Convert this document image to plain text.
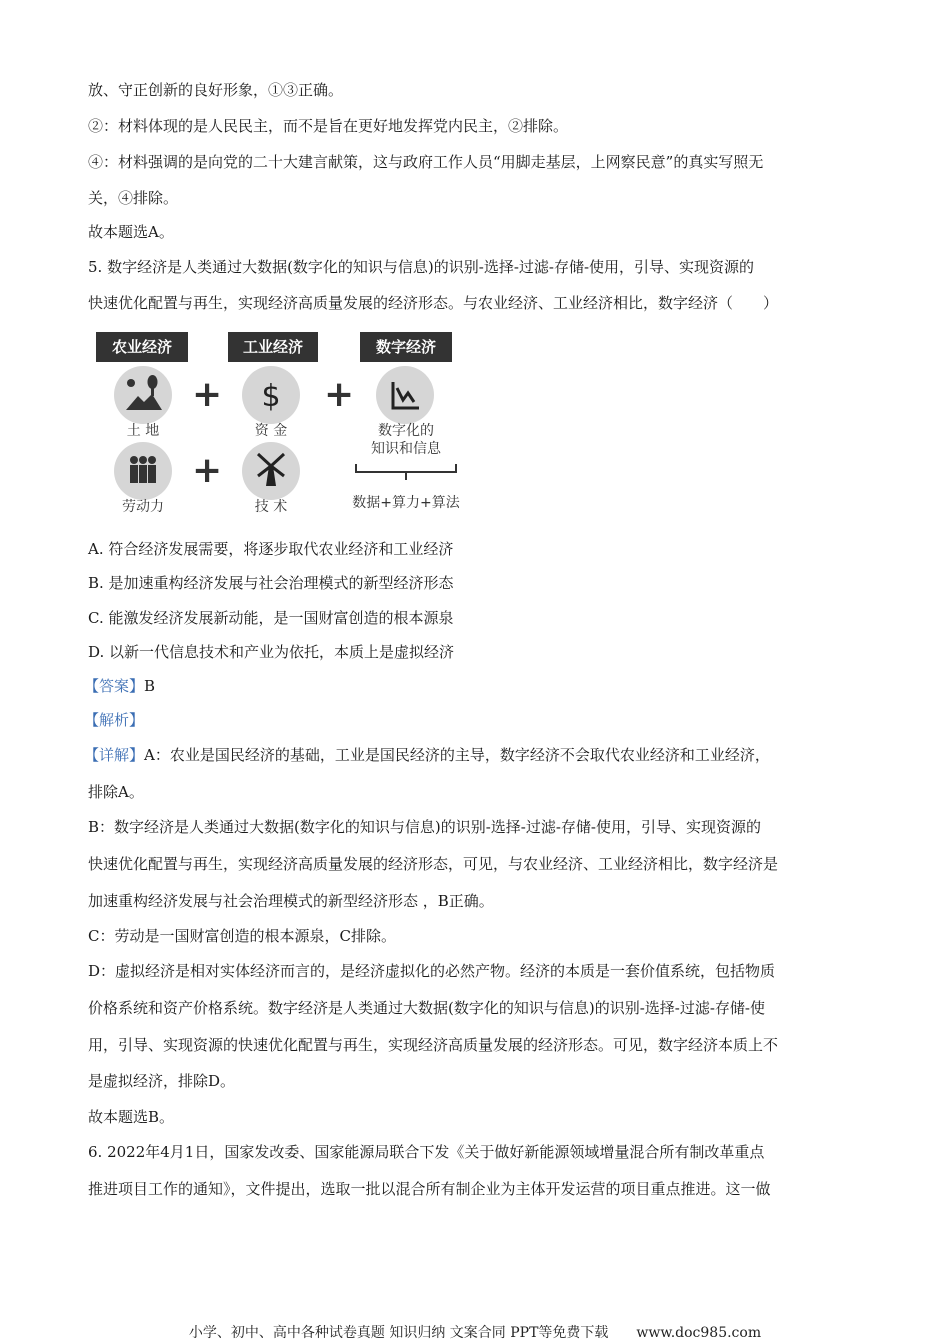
放、守正创新的良好形象，①③正确。
②：材料体现的是人民民主，而不是旨在更好地发挥党内民主，②排除。
④：材料强调的是向党的二十大建言献策，这与政府工作人员“用脚走基层，上网察民意”的真实写照无
关，④排除。
故本题选A。
5. 数字经济是人类通过大数据(数字化的知识与信息)的识别-选择-过滤-存储-使用，引导、实现资源的
快速优化配置与再生，实现经济高质量发展的经济形态。与农业经济、工业经济相比，数字经济（　　）
农业经济	工业经济	数字经济
+ $ +
土 地	资 金	数字化的
知识和信息
+
劳动力	技 术	数据+算力+算法
A. 符合经济发展需要，将逐步取代农业经济和工业经济
B. 是加速重构经济发展与社会治理模式的新型经济形态
C. 能激发经济发展新动能，是一国财富创造的根本源泉
D. 以新一代信息技术和产业为依托，本质上是虚拟经济
【答案】B
【解析】
【详解】A：农业是国民经济的基础，工业是国民经济的主导，数字经济不会取代农业经济和工业经济，
排除A。
B：数字经济是人类通过大数据(数字化的知识与信息)的识别-选择-过滤-存储-使用，引导、实现资源的
快速优化配置与再生，实现经济高质量发展的经济形态，可见，与农业经济、工业经济相比，数字经济是
加速重构经济发展与社会治理模式的新型经济形态 ，B正确。
C：劳动是一国财富创造的根本源泉，C排除。
D：虚拟经济是相对实体经济而言的，是经济虚拟化的必然产物。经济的本质是一套价值系统，包括物质
价格系统和资产价格系统。数字经济是人类通过大数据(数字化的知识与信息)的识别-选择-过滤-存储-使
用，引导、实现资源的快速优化配置与再生，实现经济高质量发展的经济形态。可见，数字经济本质上不
是虚拟经济，排除D。
故本题选B。
6. 2022年4月1日，国家发改委、国家能源局联合下发《关于做好新能源领域增量混合所有制改革重点
推进项目工作的通知》，文件提出，选取一批以混合所有制企业为主体开发运营的项目重点推进。这一做
小学、初中、高中各种试卷真题 知识归纳 文案合同 PPT等免费下载　　www.doc985.com
